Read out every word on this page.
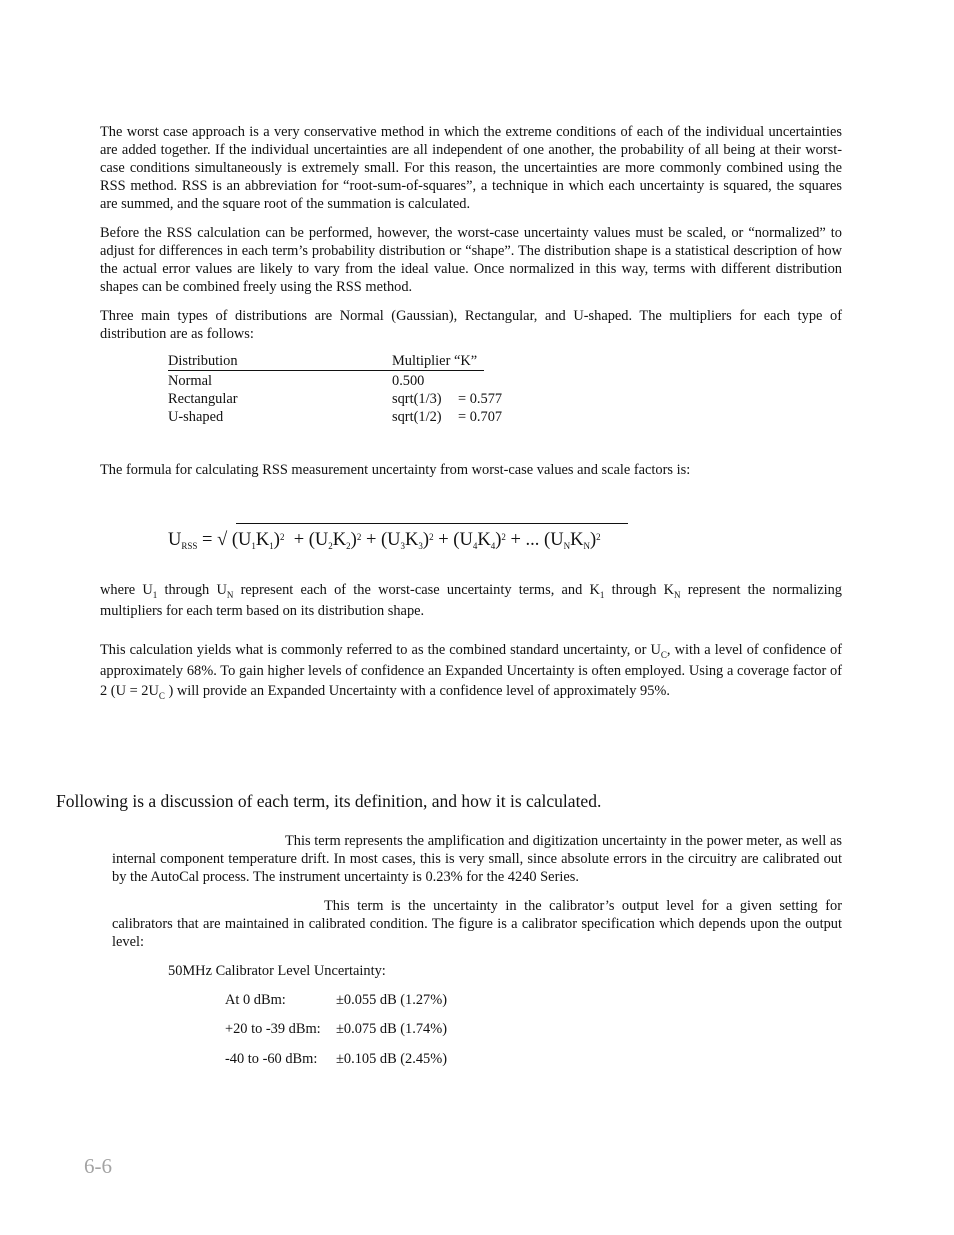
The worst case approach is a very conservative method in which the extreme conditions of each of the individual uncertainties are added together. If the individual uncertainties are all independent of one another, the probability of all being at their worst-case conditions simultaneously is extremely small. For this reason, the uncertainties are more commonly combined using the RSS method. RSS is an abbreviation for “root-sum-of-squares”, a technique in which each uncertainty is squared, the squares are summed, and the square root of the summation is calculated.

Before the RSS calculation can be performed, however, the worst-case uncertainty values must be scaled, or “normalized” to adjust for differences in each term’s probability distribution or “shape”. The distribution shape is a statistical description of how the actual error values are likely to vary from the ideal value. Once normalized in this way, terms with different distribution shapes can be combined freely using the RSS method.

Three main types of distributions are Normal (Gaussian), Rectangular, and U-shaped. The multipliers for each type of distribution are as follows:

Distribution	Multiplier “K”
Normal	0.500
Rectangular	sqrt(1/3) = 0.577
U-shaped	sqrt(1/2) = 0.707

The formula for calculating RSS measurement uncertainty from worst-case values and scale factors is:

$U_{RSS}$ = √ $(U_1K_1)^2 + (U_2K_2)^2 + (U_3K_3)^2 + (U_4K_4)^2$ + ... $(U_NK_N)^2$

where $U_1$ through $U_N$ represent each of the worst-case uncertainty terms, and $K_1$ through $K_N$ represent the normalizing multipliers for each term based on its distribution shape.

This calculation yields what is commonly referred to as the combined standard uncertainty, or $U_C$, with a level of confidence of approximately 68%. To gain higher levels of confidence an Expanded Uncertainty is often employed. Using a coverage factor of 2 ($U = 2U_C$ ) will provide an Expanded Uncertainty with a confidence level of approximately 95%.

Following is a discussion of each term, its definition, and how it is calculated.

This term represents the amplification and digitization uncertainty in the power meter, as well as internal component temperature drift. In most cases, this is very small, since absolute errors in the circuitry are calibrated out by the AutoCal process. The instrument uncertainty is 0.23% for the 4240 Series.

This term is the uncertainty in the calibrator’s output level for a given setting for calibrators that are maintained in calibrated condition. The figure is a calibrator specification which depends upon the output level:

50MHz Calibrator Level Uncertainty:
At 0 dBm:	±0.055 dB (1.27%)
+20 to -39 dBm: ±0.075 dB (1.74%)
-40 to -60 dBm: ±0.105 dB (2.45%)
6-6
